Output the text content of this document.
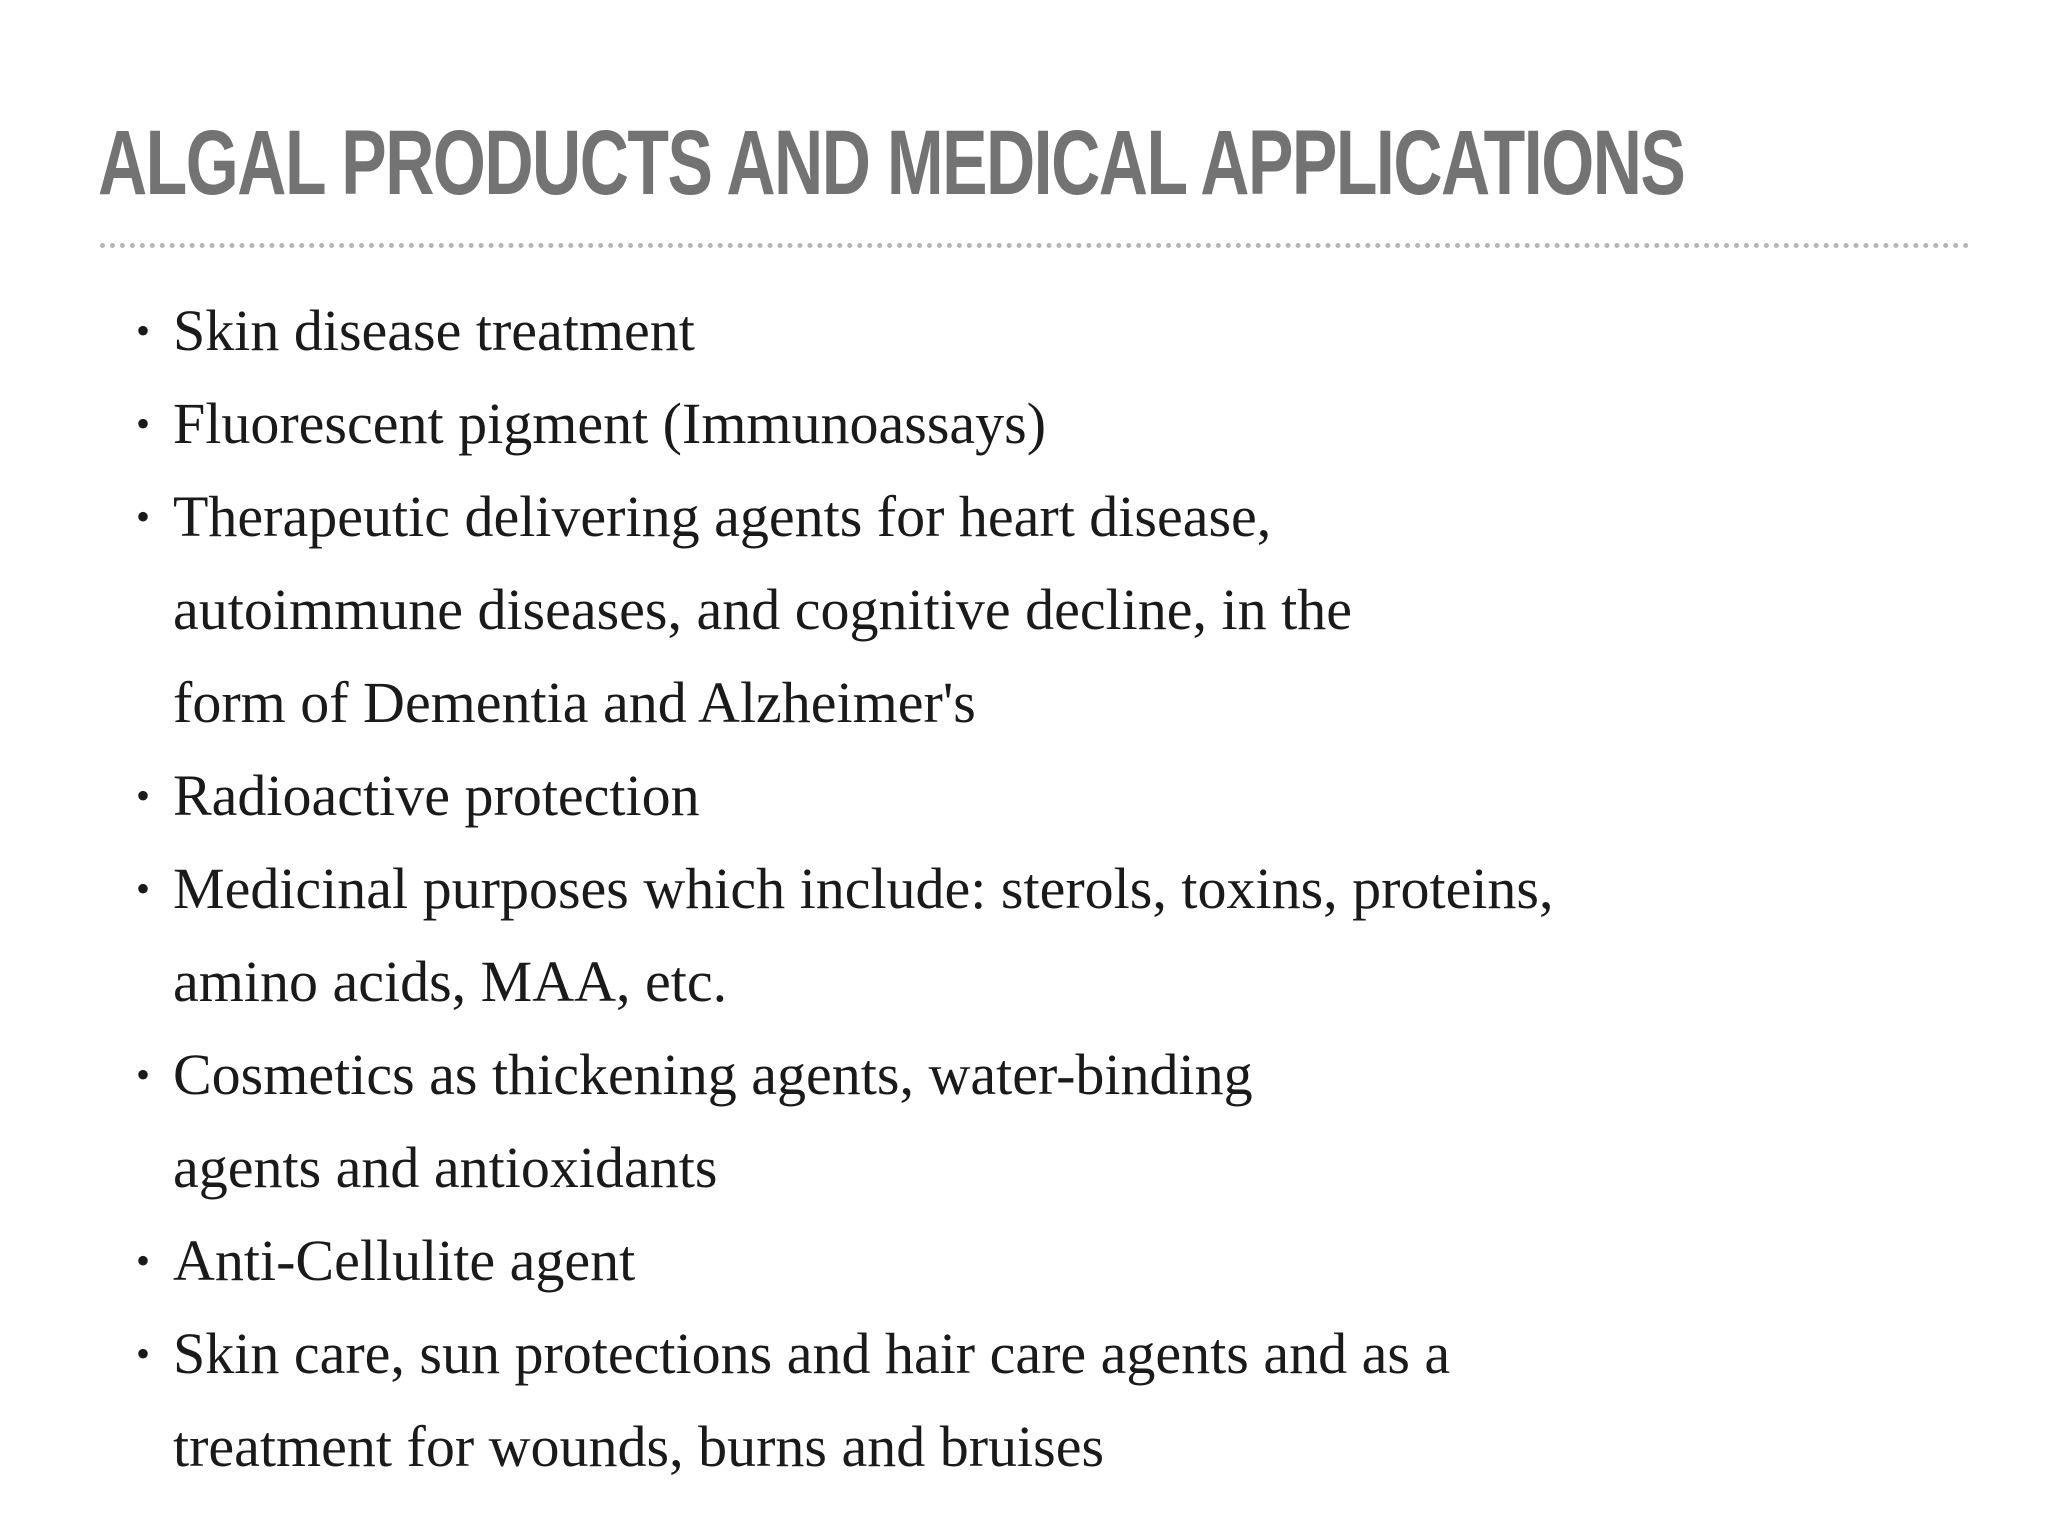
ALGAL PRODUCTS AND MEDICAL APPLICATIONS
• Skin disease treatment
• Fluorescent pigment (Immunoassays)
• Therapeutic delivering agents for heart disease, autoimmune diseases, and cognitive decline, in the form of Dementia and Alzheimer's
• Radioactive protection
• Medicinal purposes which include: sterols, toxins, proteins, amino acids, MAA, etc.
• Cosmetics as thickening agents, water-binding agents and antioxidants
• Anti-Cellulite agent
• Skin care, sun protections and hair care agents and as a treatment for wounds, burns and bruises
